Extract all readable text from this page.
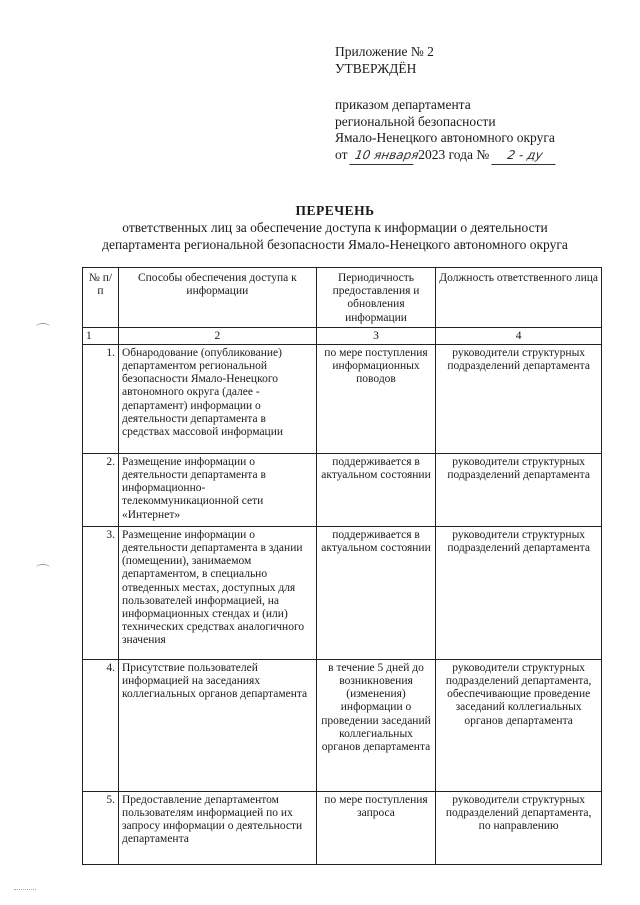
Приложение № 2
УТВЕРЖДЁН
приказом департамента
региональной безопасности
Ямало-Ненецкого автономного округа
от 10 января 2023 года № 2 - ду
ПЕРЕЧЕНЬ
ответственных лиц за обеспечение доступа к информации о деятельности
департамента региональной безопасности Ямало-Ненецкого автономного округа
№ п/п	Способы обеспечения доступа к информации	Периодичность предоставления и обновления информации	Должность ответственного лица
1	2	3	4
1.	Обнародование (опубликование) департаментом региональной безопасности Ямало-Ненецкого автономного округа (далее - департамент) информации о деятельности департамента в средствах массовой информации	по мере поступления информационных поводов	руководители структурных подразделений департамента
2.	Размещение информации о деятельности департамента в информационно-телекоммуникационной сети «Интернет»	поддерживается в актуальном состоянии	руководители структурных подразделений департамента
3.	Размещение информации о деятельности департамента в здании (помещении), занимаемом департаментом, в специально отведенных местах, доступных для пользователей информацией, на информационных стендах и (или) технических средствах аналогичного значения	поддерживается в актуальном состоянии	руководители структурных подразделений департамента
4.	Присутствие пользователей информацией на заседаниях коллегиальных органов департамента	в течение 5 дней до возникновения (изменения) информации о проведении заседаний коллегиальных органов департамента	руководители структурных подразделений департамента, обеспечивающие проведение заседаний коллегиальных органов департамента
5.	Предоставление департаментом пользователям информацией по их запросу информации о деятельности департамента	по мере поступления запроса	руководители структурных подразделений департамента, по направлению
